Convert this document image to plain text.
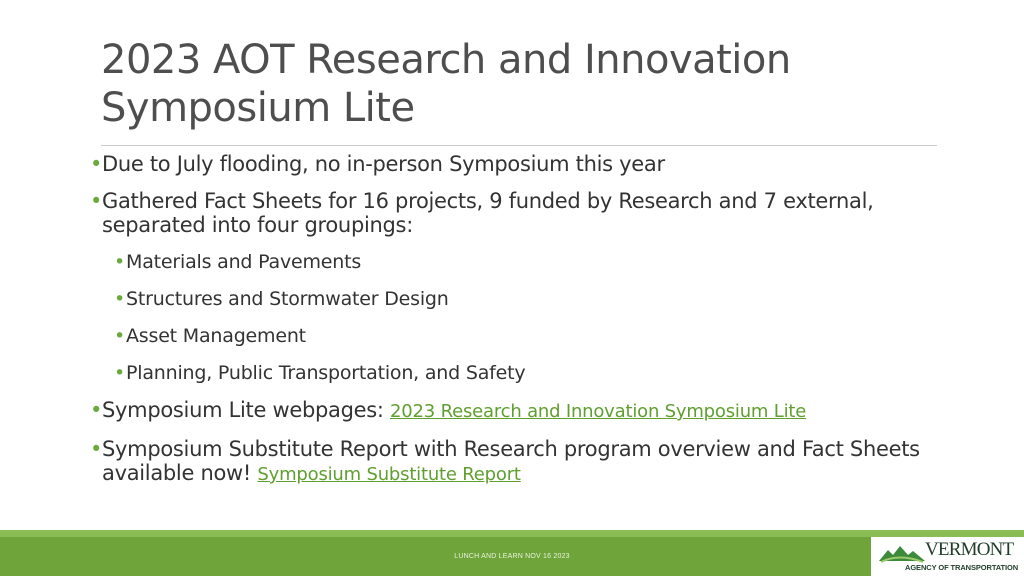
2023 AOT Research and Innovation Symposium Lite
• Due to July flooding, no in-person Symposium this year
• Gathered Fact Sheets for 16 projects, 9 funded by Research and 7 external, separated into four groupings:
• Materials and Pavements
• Structures and Stormwater Design
• Asset Management
• Planning, Public Transportation, and Safety
• Symposium Lite webpages: 2023 Research and Innovation Symposium Lite
• Symposium Substitute Report with Research program overview and Fact Sheets available now! Symposium Substitute Report
LUNCH AND LEARN NOV 16 2023	VERMONT
AGENCY OF TRANSPORTATION
